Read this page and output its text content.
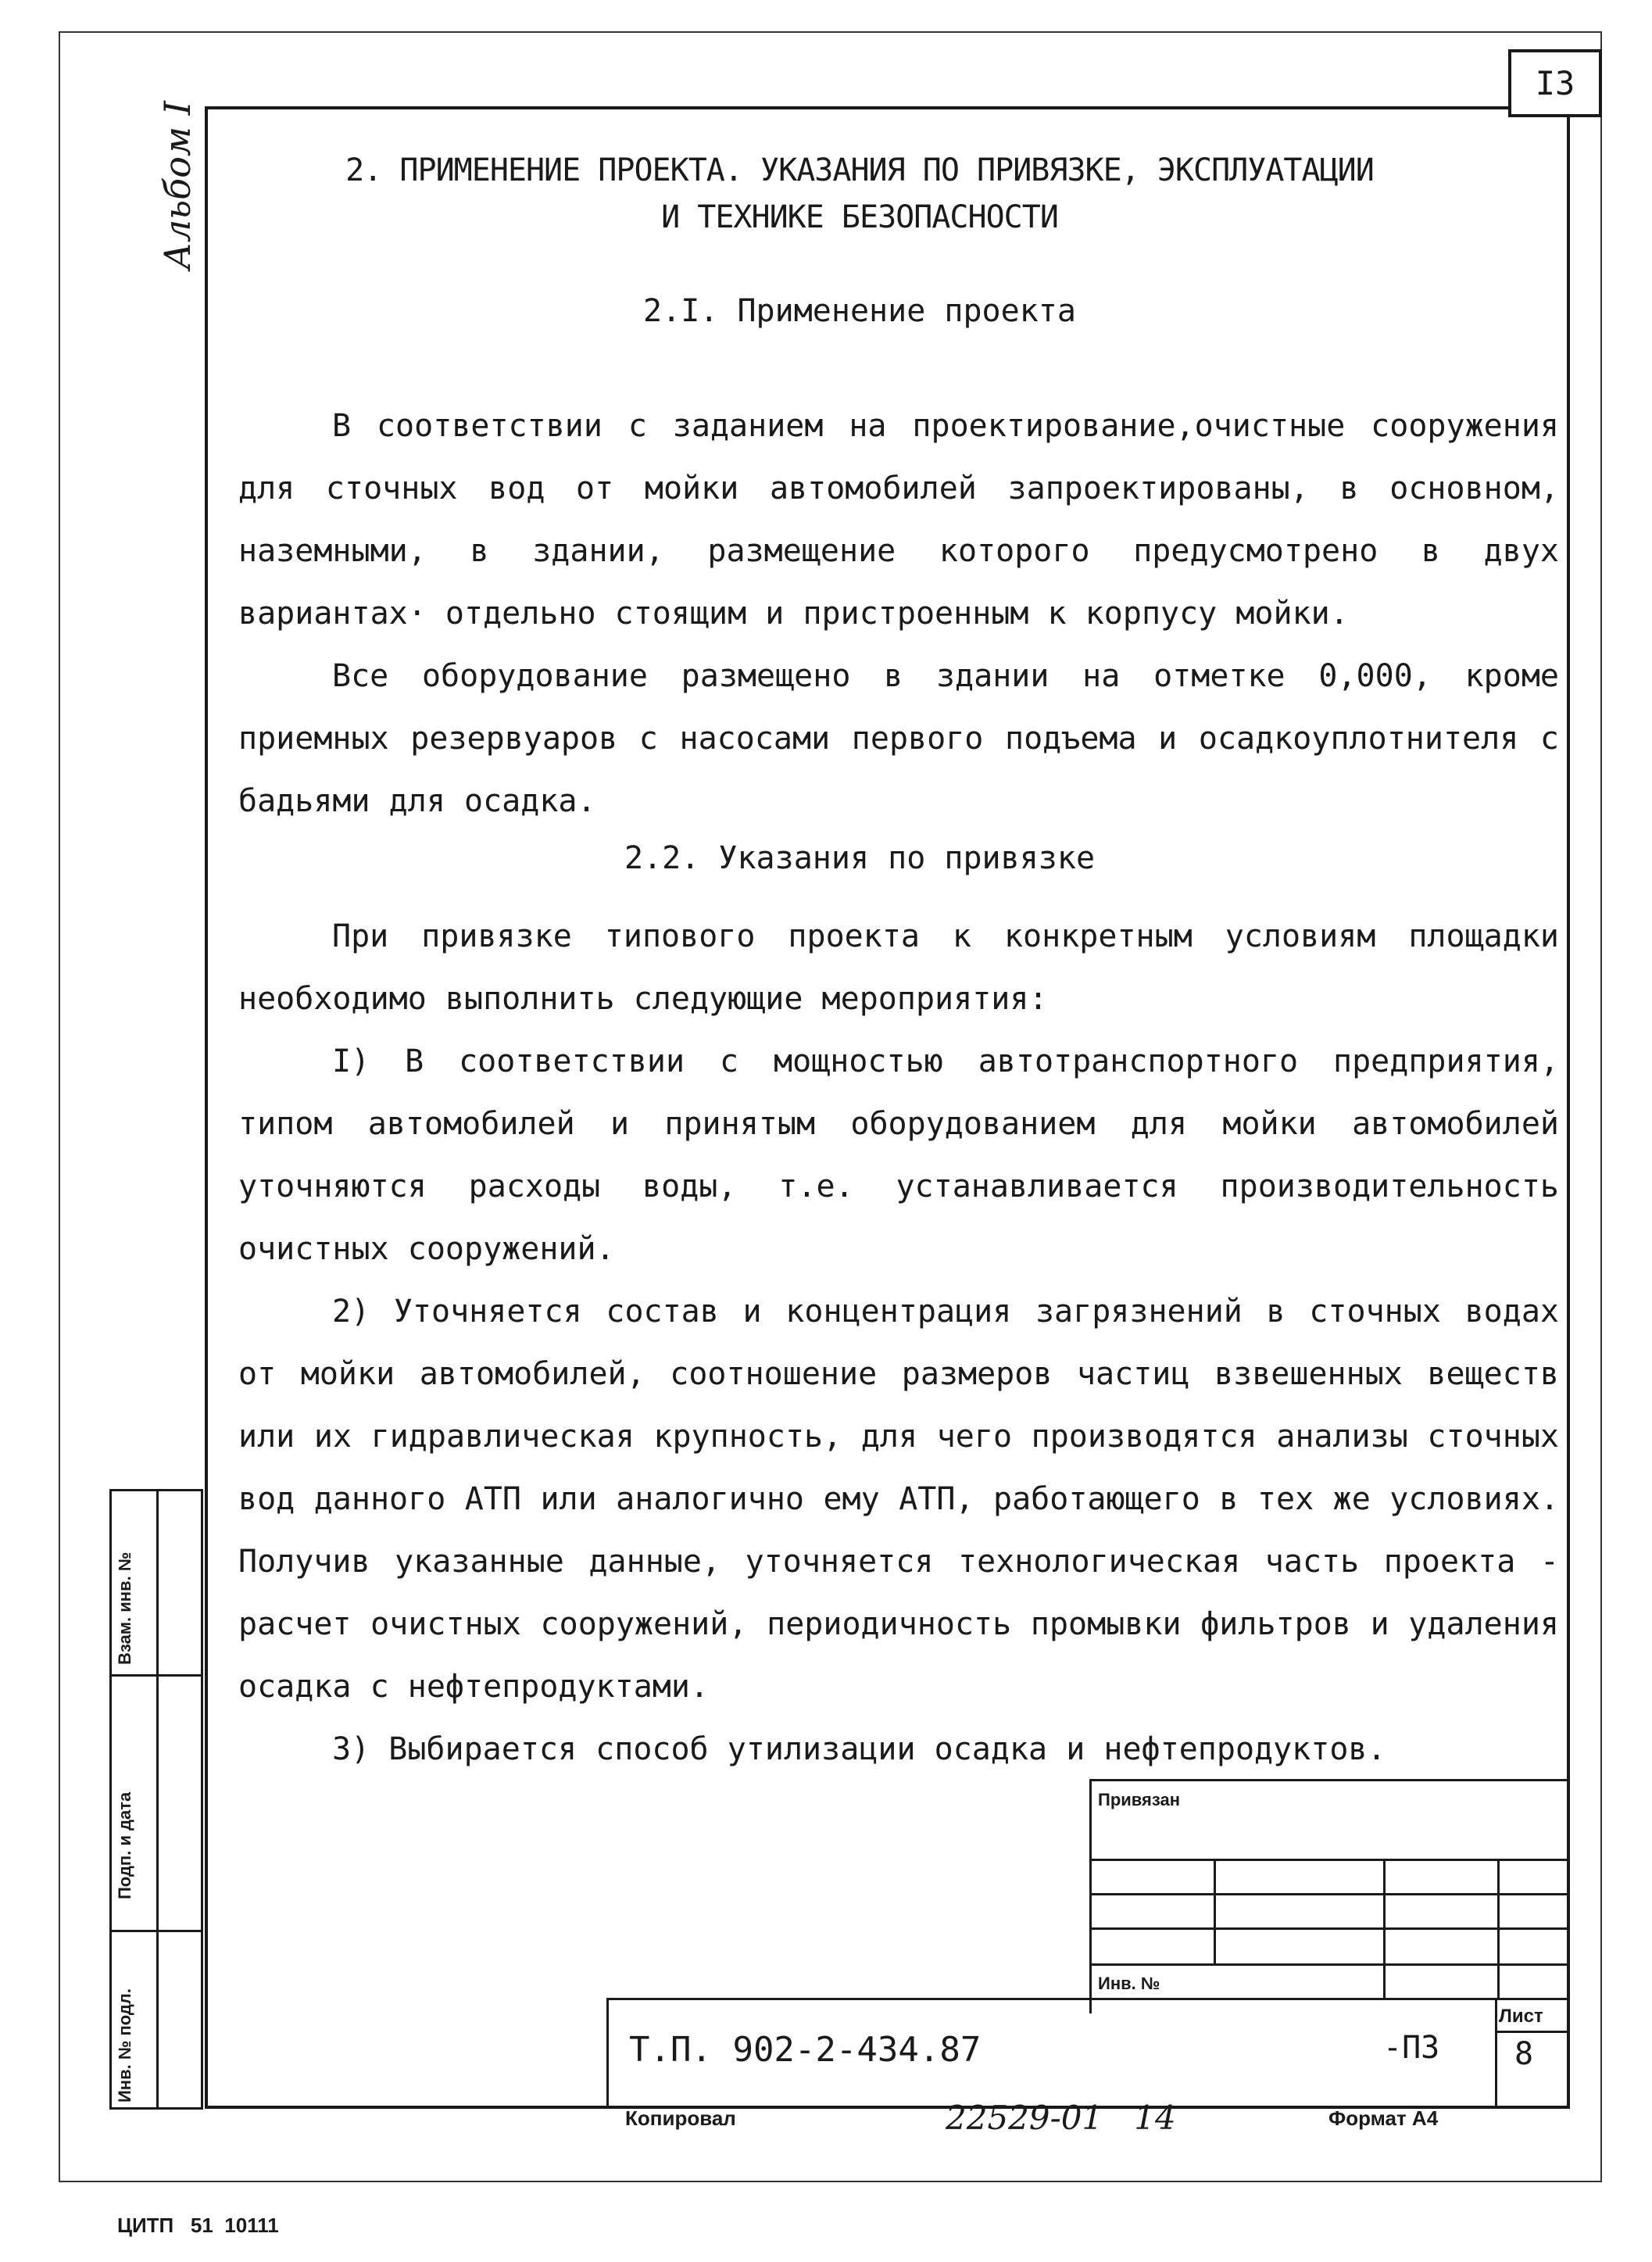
I3
Альбом I	2. ПРИМЕНЕНИЕ ПРОЕКТА. УКАЗАНИЯ ПО ПРИВЯЗКЕ, ЭКСПЛУАТАЦИИ
И ТЕХНИКЕ БЕЗОПАСНОСТИ
2.I. Применение проекта

В соответствии с заданием на проектирование,очистные сооружения для сточных вод от мойки автомобилей запроектированы, в основном, наземными, в здании, размещение которого предусмотрено в двух вариантах· отдельно стоящим и пристроенным к корпусу мойки.

Все оборудование размещено в здании на отметке 0,000, кроме приемных резервуаров с насосами первого подъема и осадкоуплотнителя с бадьями для осадка.

2.2. Указания по привязке

При привязке типового проекта к конкретным условиям площадки необходимо выполнить следующие мероприятия:

I) В соответствии с мощностью автотранспортного предприятия, типом автомобилей и принятым оборудованием для мойки автомобилей уточняются расходы воды, т.е. устанавливается производительность очистных сооружений.

2) Уточняется состав и концентрация загрязнений в сточных водах от мойки автомобилей, соотношение размеров частиц взвешенных веществ или их гидравлическая крупность, для чего производятся анализы сточных вод данного АТП или аналогично ему АТП, работающего в тех же условиях. Получив указанные данные, уточняется технологическая часть проекта - расчет очистных сооружений, периодичность промывки фильтров и удаления осадка с нефтепродуктами.

3) Выбирается способ утилизации осадка и нефтепродуктов.

Взам. инв. №
Подп. и дата
Инв. № подл.
Привязан
Инв. №
Т.П. 902-2-434.87	-ПЗ
Лист
8
Копировал	22529-01   14	Формат А4
ЦИТП   51  10111
